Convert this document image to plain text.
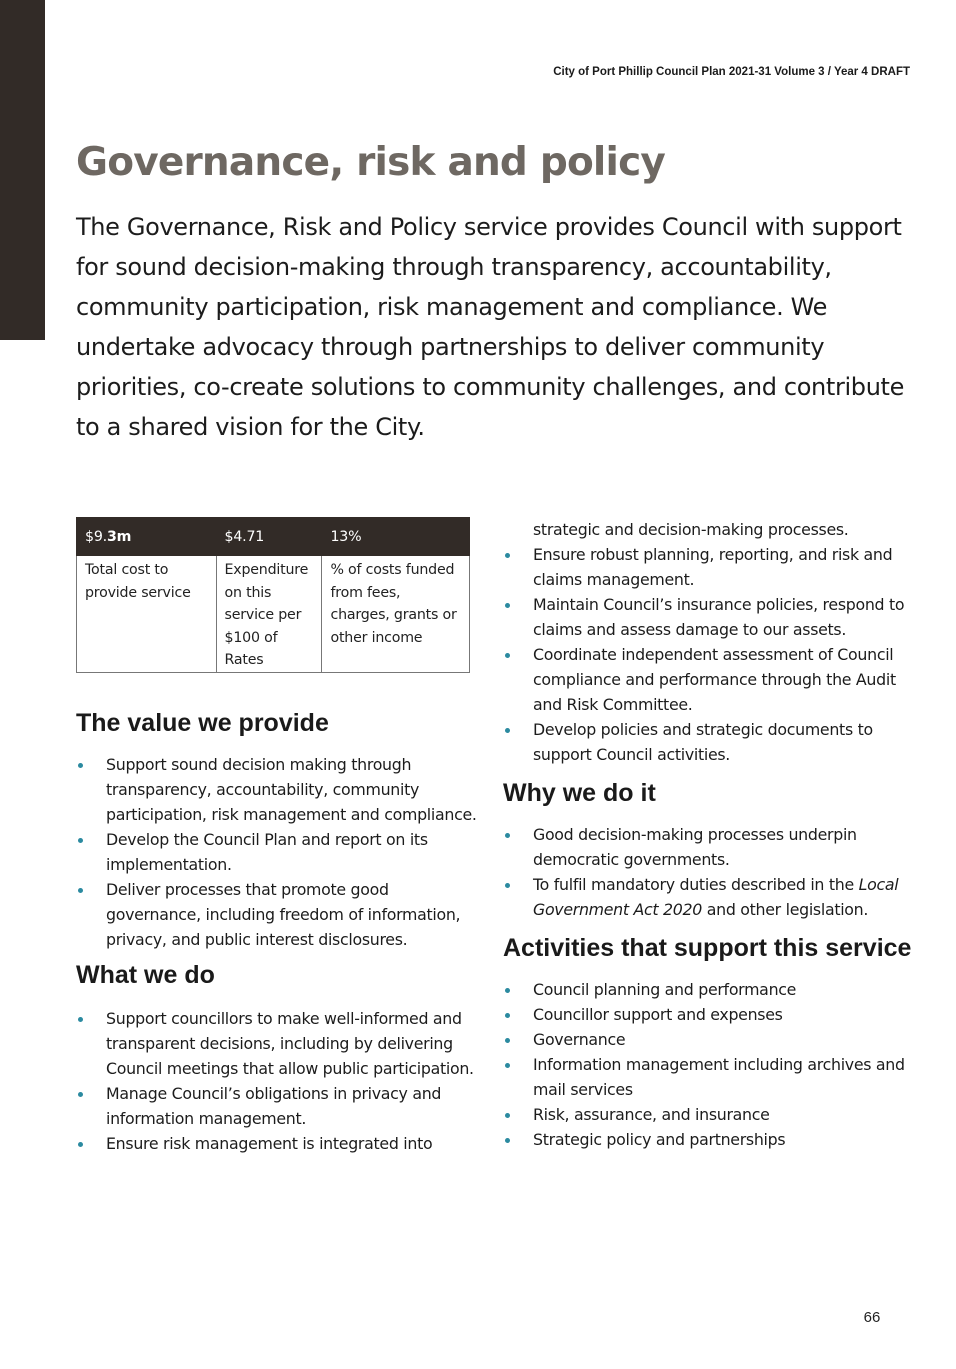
City of Port Phillip Council Plan 2021-31 Volume 3 / Year 4 DRAFT
Governance, risk and policy

The Governance, Risk and Policy service provides Council with support for sound decision-making through transparency, accountability, community participation, risk management and compliance. We undertake advocacy through partnerships to deliver community priorities, co-create solutions to community challenges, and contribute to a shared vision for the City.

$9.3m	$4.71	13%
Total cost to provide service	Expenditure on this service per $100 of Rates	% of costs funded from fees, charges, grants or other income
The value we provide
Support sound decision making through transparency, accountability, community participation, risk management and compliance.
Develop the Council Plan and report on its implementation.
Deliver processes that promote good governance, including freedom of information, privacy, and public interest disclosures.
What we do
Support councillors to make well-informed and transparent decisions, including by delivering Council meetings that allow public participation.
Manage Council’s obligations in privacy and information management.
Ensure risk management is integrated into
strategic and decision-making processes.
Ensure robust planning, reporting, and risk and claims management.
Maintain Council’s insurance policies, respond to claims and assess damage to our assets.
Coordinate independent assessment of Council compliance and performance through the Audit and Risk Committee.
Develop policies and strategic documents to support Council activities.
Why we do it
Good decision-making processes underpin democratic governments.
To fulfil mandatory duties described in the Local Government Act 2020 and other legislation.
Activities that support this service
Council planning and performance
Councillor support and expenses
Governance
Information management including archives and mail services
Risk, assurance, and insurance
Strategic policy and partnerships
66
